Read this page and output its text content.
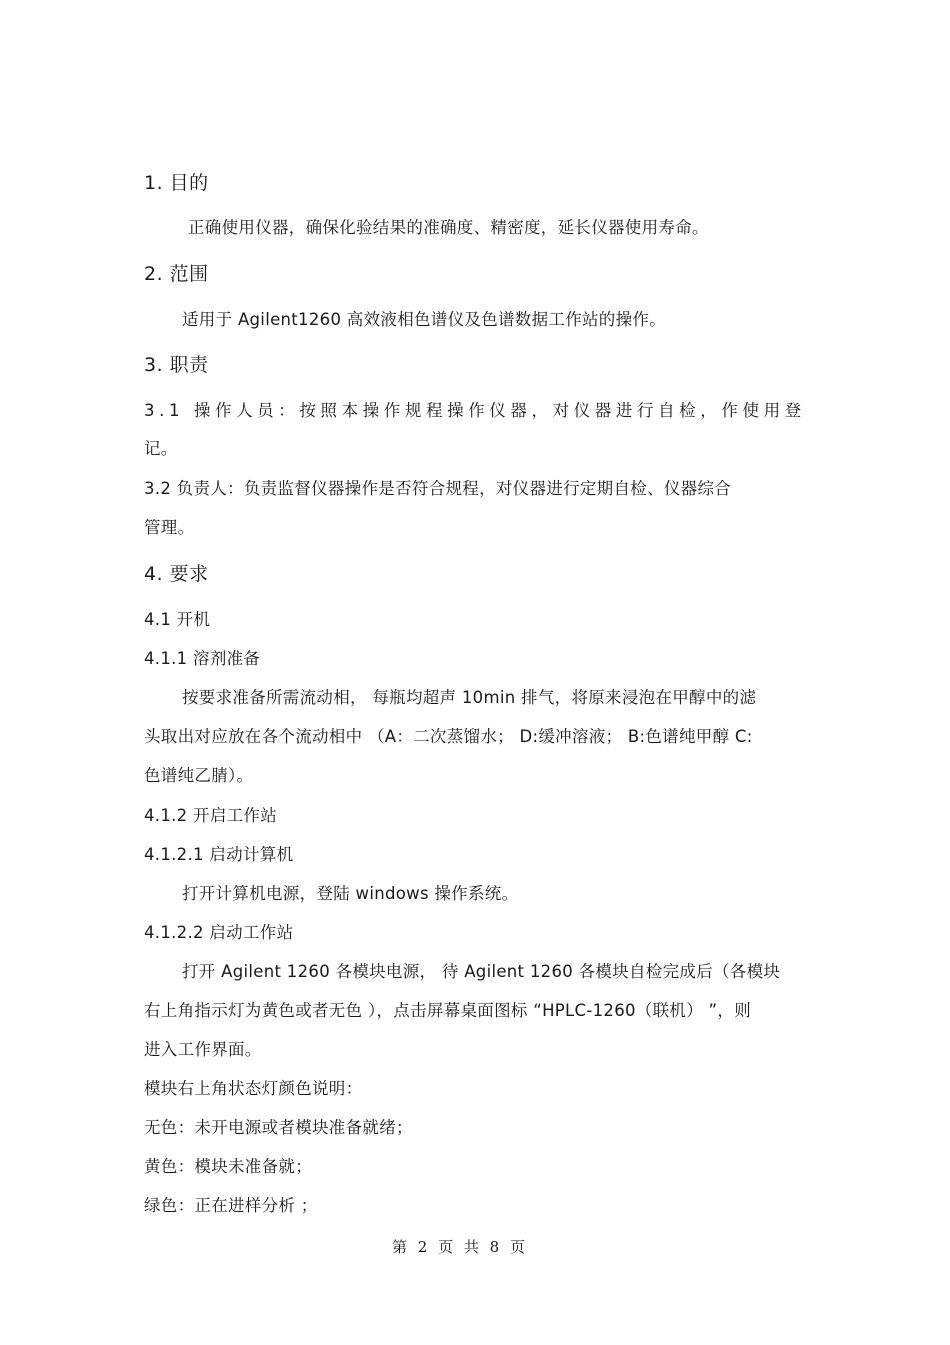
1. 目的
正确使用仪器，确保化验结果的准确度、精密度，延长仪器使用寿命。
2. 范围
适用于 Agilent1260 高效液相色谱仪及色谱数据工作站的操作。
3. 职责
3.1 操作人员：按照本操作规程操作仪器，对仪器进行自检，作使用登
记。
3.2 负责人：负责监督仪器操作是否符合规程，对仪器进行定期自检、仪器综合
管理。
4. 要求
4.1 开机
4.1.1 溶剂准备
按要求准备所需流动相， 每瓶均超声 10min 排气，将原来浸泡在甲醇中的滤
头取出对应放在各个流动相中 （A：二次蒸馏水； D:缓冲溶液； B:色谱纯甲醇 C:
色谱纯乙腈）。
4.1.2 开启工作站
4.1.2.1 启动计算机
打开计算机电源，登陆 windows 操作系统。
4.1.2.2 启动工作站
打开 Agilent 1260 各模块电源， 待 Agilent 1260 各模块自检完成后（各模块
右上角指示灯为黄色或者无色 ），点击屏幕桌面图标 “HPLC-1260（联机） ”，则
进入工作界面。
模块右上角状态灯颜色说明：
无色：未开电源或者模块准备就绪；
黄色：模块未准备就；
绿色：正在进样分析 ；
第 2 页 共 8 页
